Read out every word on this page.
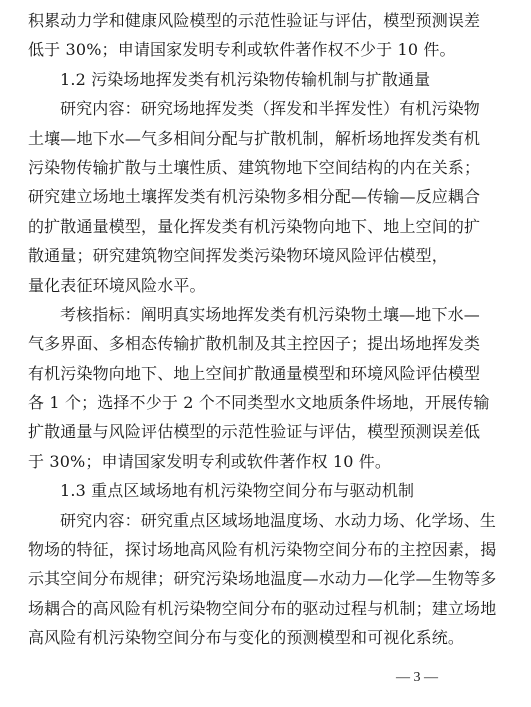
积累动力学和健康风险模型的示范性验证与评估，模型预测误差
低于 30%；申请国家发明专利或软件著作权不少于 10 件。
1.2 污染场地挥发类有机污染物传输机制与扩散通量
研究内容：研究场地挥发类（挥发和半挥发性）有机污染物
土壤—地下水—气多相间分配与扩散机制，解析场地挥发类有机
污染物传输扩散与土壤性质、建筑物地下空间结构的内在关系；
研究建立场地土壤挥发类有机污染物多相分配—传输—反应耦合
的扩散通量模型，量化挥发类有机污染物向地下、地上空间的扩
散通量；研究建筑物空间挥发类污染物环境风险评估模型，
量化表征环境风险水平。
考核指标：阐明真实场地挥发类有机污染物土壤—地下水—
气多界面、多相态传输扩散机制及其主控因子；提出场地挥发类
有机污染物向地下、地上空间扩散通量模型和环境风险评估模型
各 1 个；选择不少于 2 个不同类型水文地质条件场地，开展传输
扩散通量与风险评估模型的示范性验证与评估，模型预测误差低
于 30%；申请国家发明专利或软件著作权 10 件。
1.3 重点区域场地有机污染物空间分布与驱动机制
研究内容：研究重点区域场地温度场、水动力场、化学场、生
物场的特征，探讨场地高风险有机污染物空间分布的主控因素，揭
示其空间分布规律；研究污染场地温度—水动力—化学—生物等多
场耦合的高风险有机污染物空间分布的驱动过程与机制；建立场地
高风险有机污染物空间分布与变化的预测模型和可视化系统。
— 3 —
